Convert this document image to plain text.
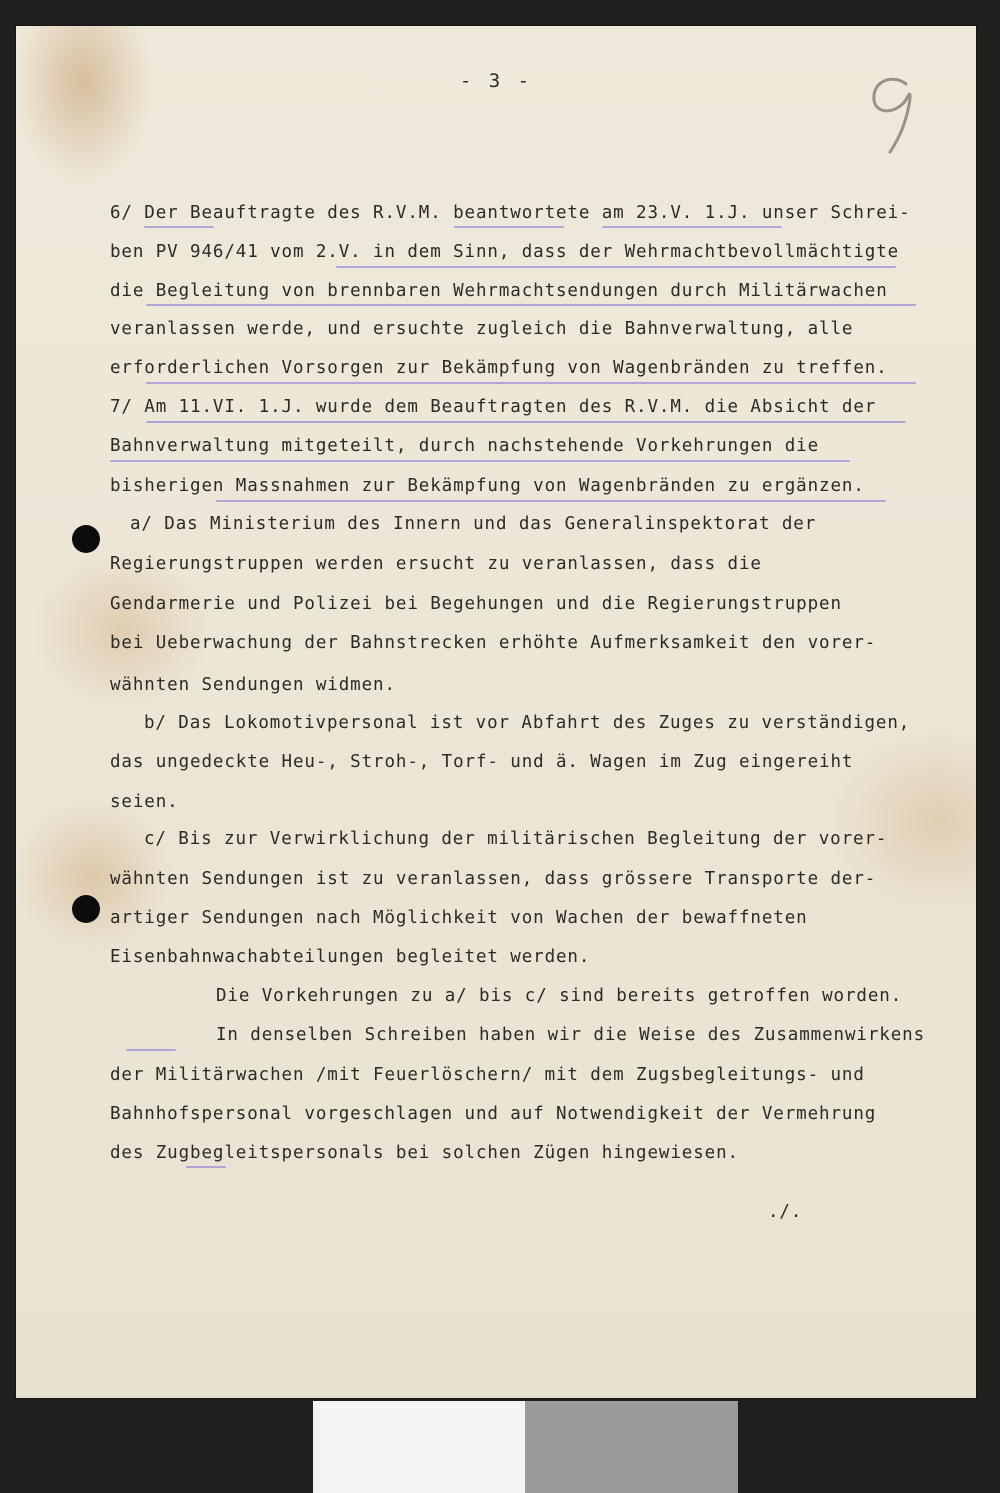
- 3 -
6/ Der Beauftragte des R.V.M. beantwortete am 23.V. 1.J. unser Schrei-
ben PV 946/41 vom 2.V. in dem Sinn, dass der Wehrmachtbevollmächtigte
die Begleitung von brennbaren Wehrmachtsendungen durch Militärwachen
veranlassen werde, und ersuchte zugleich die Bahnverwaltung, alle
erforderlichen Vorsorgen zur Bekämpfung von Wagenbränden zu treffen.
7/ Am 11.VI. 1.J. wurde dem Beauftragten des R.V.M. die Absicht der
Bahnverwaltung mitgeteilt, durch nachstehende Vorkehrungen die
bisherigen Massnahmen zur Bekämpfung von Wagenbränden zu ergänzen.
a/ Das Ministerium des Innern und das Generalinspektorat der
Regierungstruppen werden ersucht zu veranlassen, dass die
Gendarmerie und Polizei bei Begehungen und die Regierungstruppen
bei Ueberwachung der Bahnstrecken erhöhte Aufmerksamkeit den vorer-
wähnten Sendungen widmen.
b/ Das Lokomotivpersonal ist vor Abfahrt des Zuges zu verständigen,
das ungedeckte Heu-, Stroh-, Torf- und ä. Wagen im Zug eingereiht
seien.
c/ Bis zur Verwirklichung der militärischen Begleitung der vorer-
wähnten Sendungen ist zu veranlassen, dass grössere Transporte der-
artiger Sendungen nach Möglichkeit von Wachen der bewaffneten
Eisenbahnwachabteilungen begleitet werden.
Die Vorkehrungen zu a/ bis c/ sind bereits getroffen worden.
In denselben Schreiben haben wir die Weise des Zusammenwirkens
der Militärwachen /mit Feuerlöschern/ mit dem Zugsbegleitungs- und
Bahnhofspersonal vorgeschlagen und auf Notwendigkeit der Vermehrung
des Zugbegleitspersonals bei solchen Zügen hingewiesen.
./.
